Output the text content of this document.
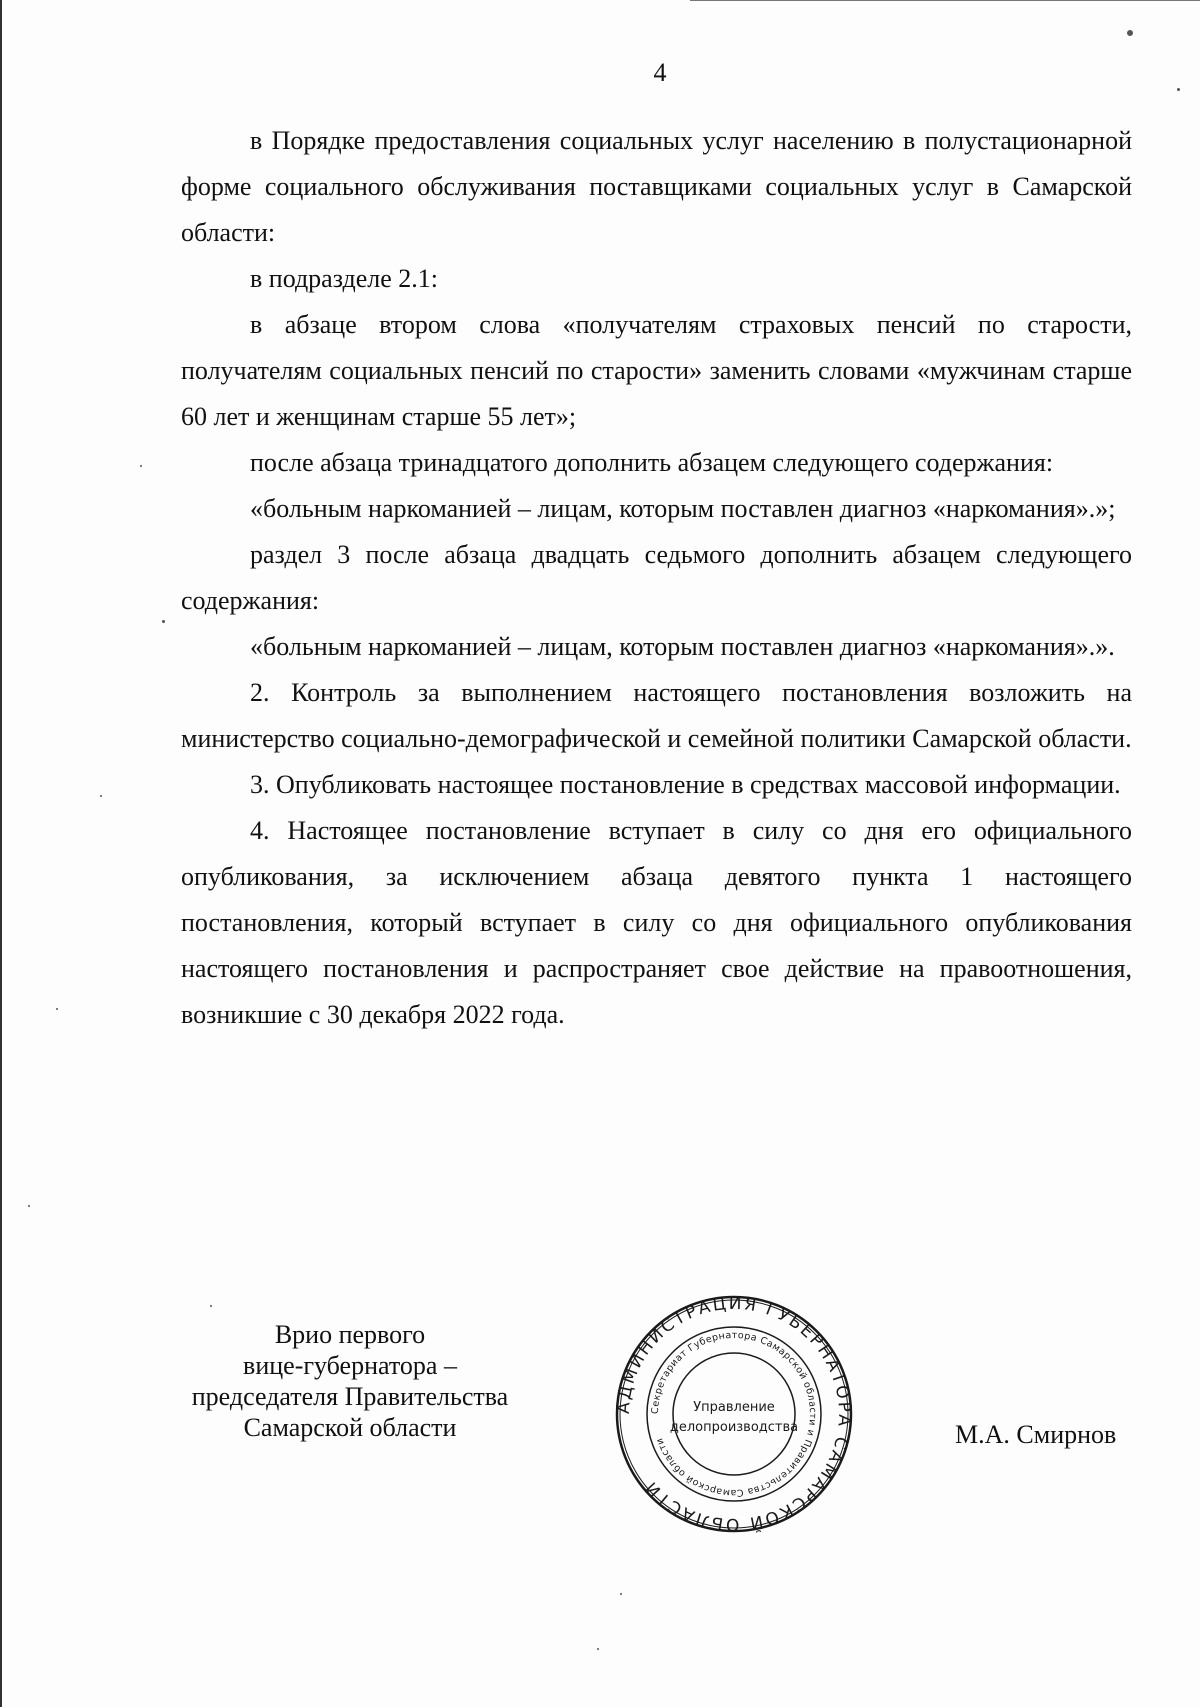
4

в Порядке предоставления социальных услуг населению в полустационарной форме социального обслуживания поставщиками социальных услуг в Самарской области:

в подразделе 2.1:

в абзаце втором слова «получателям страховых пенсий по старости, получателям социальных пенсий по старости» заменить словами «мужчинам старше 60 лет и женщинам старше 55 лет»;

после абзаца тринадцатого дополнить абзацем следующего содержания:

«больным наркоманией – лицам, которым поставлен диагноз «наркомания».»;

раздел 3 после абзаца двадцать седьмого дополнить абзацем следующего содержания:

«больным наркоманией – лицам, которым поставлен диагноз «наркомания».».

2. Контроль за выполнением настоящего постановления возложить на министерство социально-демографической и семейной политики Самарской области.

3. Опубликовать настоящее постановление в средствах массовой информации.

4. Настоящее постановление вступает в силу со дня его официального опубликования, за исключением абзаца девятого пункта 1 настоящего постановления, который вступает в силу со дня официального опубликования настоящего постановления и распространяет свое действие на правоотношения, возникшие с 30 декабря 2022 года.

Врио первого
вице-губернатора –
председателя Правительства
Самарской области	М.А. Смирнов
АДМИНИСТРАЦИЯ ГУБЕРНАТОРА САМАРСКОЙ ОБЛАСТИ
Секретариат Губернатора Самарской области и Правительства Самарской области
Управление
делопроизводства
